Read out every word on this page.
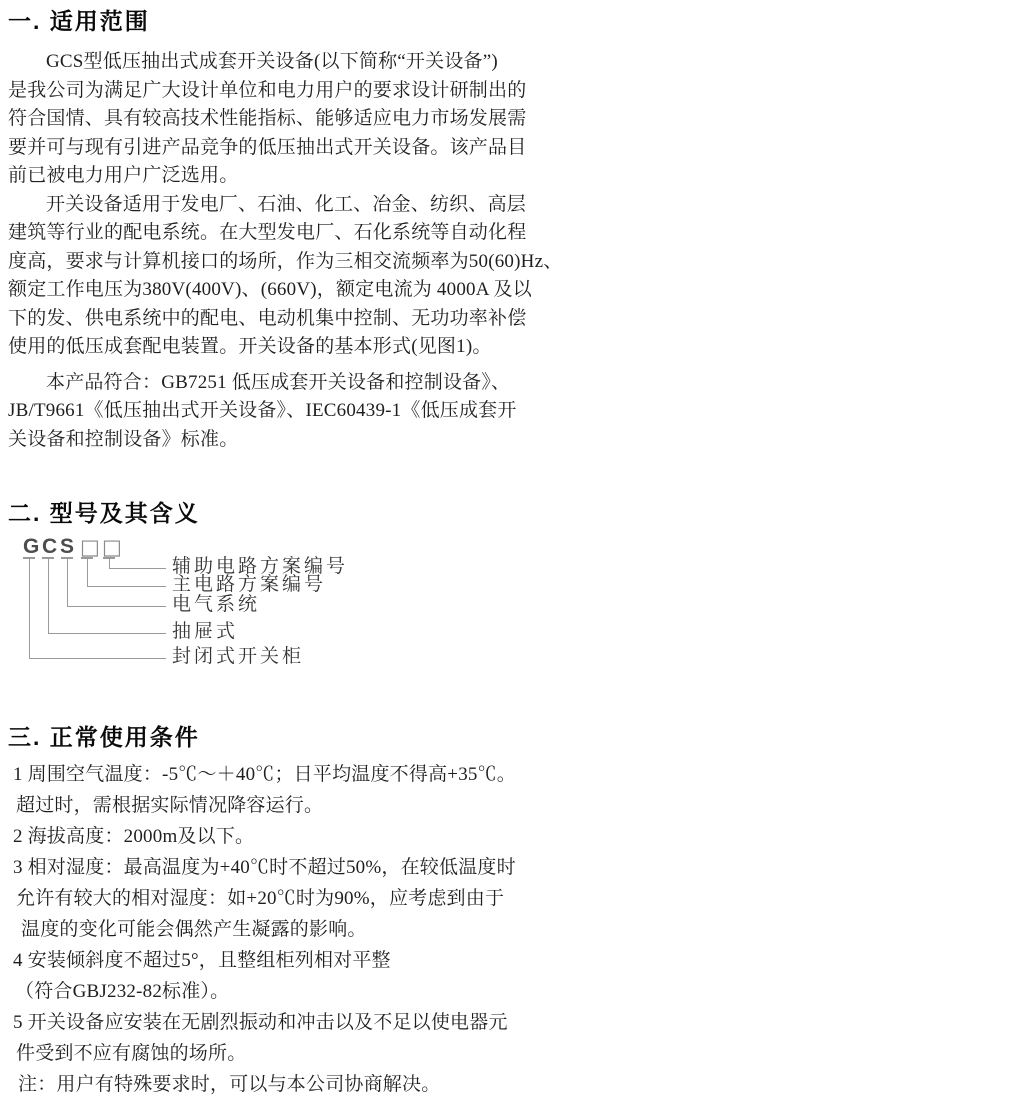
一. 适用范围
GCS型低压抽出式成套开关设备(以下简称“开关设备”)
是我公司为满足广大设计单位和电力用户的要求设计研制出的
符合国情、具有较高技术性能指标、能够适应电力市场发展需
要并可与现有引进产品竞争的低压抽出式开关设备。该产品目
前已被电力用户广泛选用。
开关设备适用于发电厂、石油、化工、冶金、纺织、高层
建筑等行业的配电系统。在大型发电厂、石化系统等自动化程
度高，要求与计算机接口的场所，作为三相交流频率为50(60)Hz、
额定工作电压为380V(400V)、(660V)，额定电流为 4000A 及以
下的发、供电系统中的配电、电动机集中控制、无功功率补偿
使用的低压成套配电装置。开关设备的基本形式(见图1)。
本产品符合：GB7251 低压成套开关设备和控制设备》、
JB/T9661《低压抽出式开关设备》、IEC60439-1《低压成套开
关设备和控制设备》标准。
二. 型号及其含义
G C S □ □
辅助电路方案编号
主电路方案编号
电气系统
抽屉式
封闭式开关柜
三. 正常使用条件
1 周围空气温度：-5℃～＋40℃；日平均温度不得高+35℃。
超过时，需根据实际情况降容运行。
2 海拔高度：2000m及以下。
3 相对湿度：最高温度为+40℃时不超过50%，在较低温度时
允许有较大的相对湿度：如+20℃时为90%，应考虑到由于
温度的变化可能会偶然产生凝露的影响。
4 安装倾斜度不超过5°，且整组柜列相对平整
（符合GBJ232-82标准）。
5 开关设备应安装在无剧烈振动和冲击以及不足以使电器元
件受到不应有腐蚀的场所。
注：用户有特殊要求时，可以与本公司协商解决。
